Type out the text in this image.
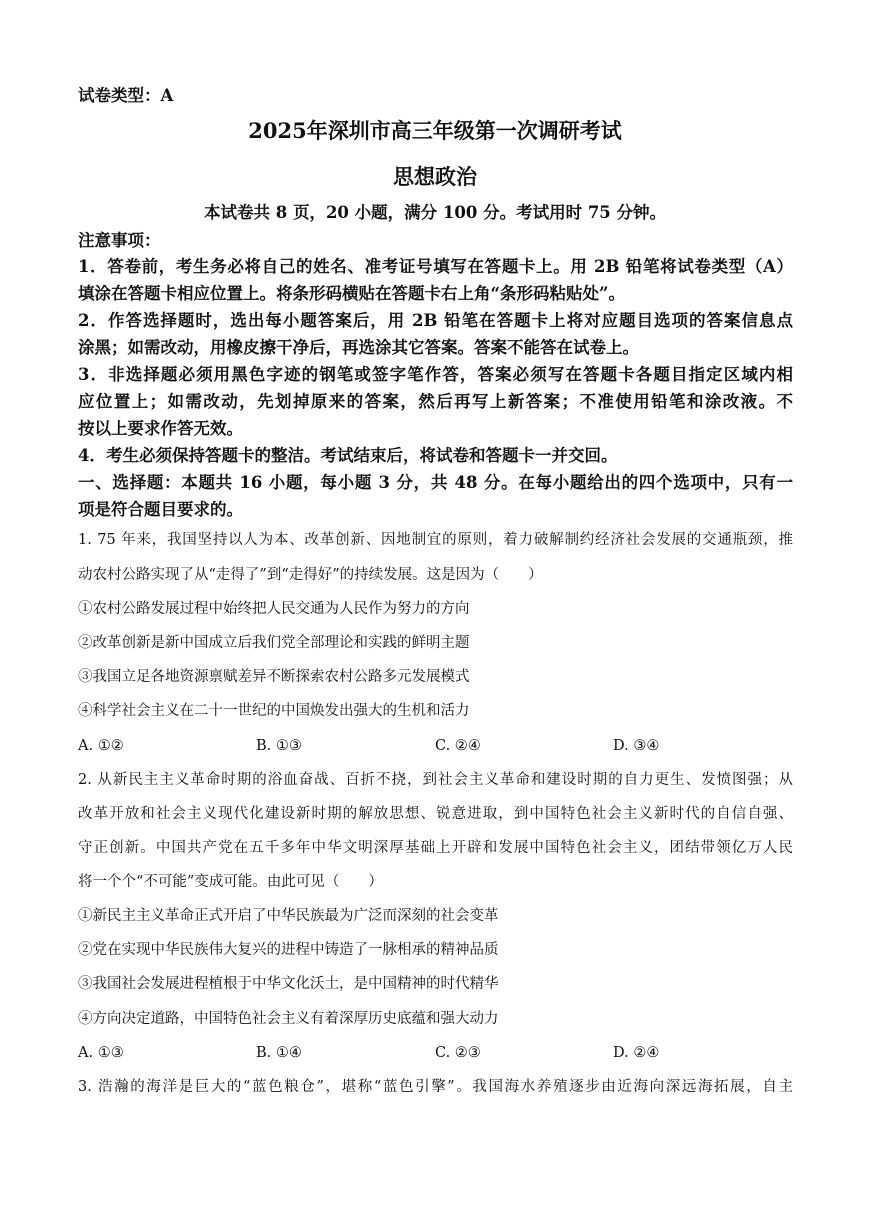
试卷类型：A
2025年深圳市高三年级第一次调研考试
思想政治
本试卷共 8 页，20 小题，满分 100 分。考试用时 75 分钟。
注意事项：
1．答卷前，考生务必将自己的姓名、准考证号填写在答题卡上。用 2B 铅笔将试卷类型（A）
填涂在答题卡相应位置上。将条形码横贴在答题卡右上角“条形码粘贴处”。
2．作答选择题时，选出每小题答案后，用 2B 铅笔在答题卡上将对应题目选项的答案信息点
涂黑；如需改动，用橡皮擦干净后，再选涂其它答案。答案不能答在试卷上。
3．非选择题必须用黑色字迹的钢笔或签字笔作答，答案必须写在答题卡各题目指定区域内相
应位置上；如需改动，先划掉原来的答案，然后再写上新答案；不准使用铅笔和涂改液。不
按以上要求作答无效。
4．考生必须保持答题卡的整洁。考试结束后，将试卷和答题卡一并交回。
一、选择题：本题共 16 小题，每小题 3 分，共 48 分。在每小题给出的四个选项中，只有一
项是符合题目要求的。
1. 75 年来，我国坚持以人为本、改革创新、因地制宜的原则，着力破解制约经济社会发展的交通瓶颈，推
动农村公路实现了从“走得了”到“走得好”的持续发展。这是因为（　　）
①农村公路发展过程中始终把人民交通为人民作为努力的方向
②改革创新是新中国成立后我们党全部理论和实践的鲜明主题
③我国立足各地资源禀赋差异不断探索农村公路多元发展模式
④科学社会主义在二十一世纪的中国焕发出强大的生机和活力
A. ①②	B. ①③	C. ②④	D. ③④
2. 从新民主主义革命时期的浴血奋战、百折不挠，到社会主义革命和建设时期的自力更生、发愤图强；从
改革开放和社会主义现代化建设新时期的解放思想、锐意进取，到中国特色社会主义新时代的自信自强、
守正创新。中国共产党在五千多年中华文明深厚基础上开辟和发展中国特色社会主义，团结带领亿万人民
将一个个“不可能”变成可能。由此可见（　　）
①新民主主义革命正式开启了中华民族最为广泛而深刻的社会变革
②党在实现中华民族伟大复兴的进程中铸造了一脉相承的精神品质
③我国社会发展进程植根于中华文化沃土，是中国精神的时代精华
④方向决定道路，中国特色社会主义有着深厚历史底蕴和强大动力
A. ①③	B. ①④	C. ②③	D. ②④
3. 浩瀚的海洋是巨大的“蓝色粮仓”，堪称“蓝色引擎”。我国海水养殖逐步由近海向深远海拓展，自主
